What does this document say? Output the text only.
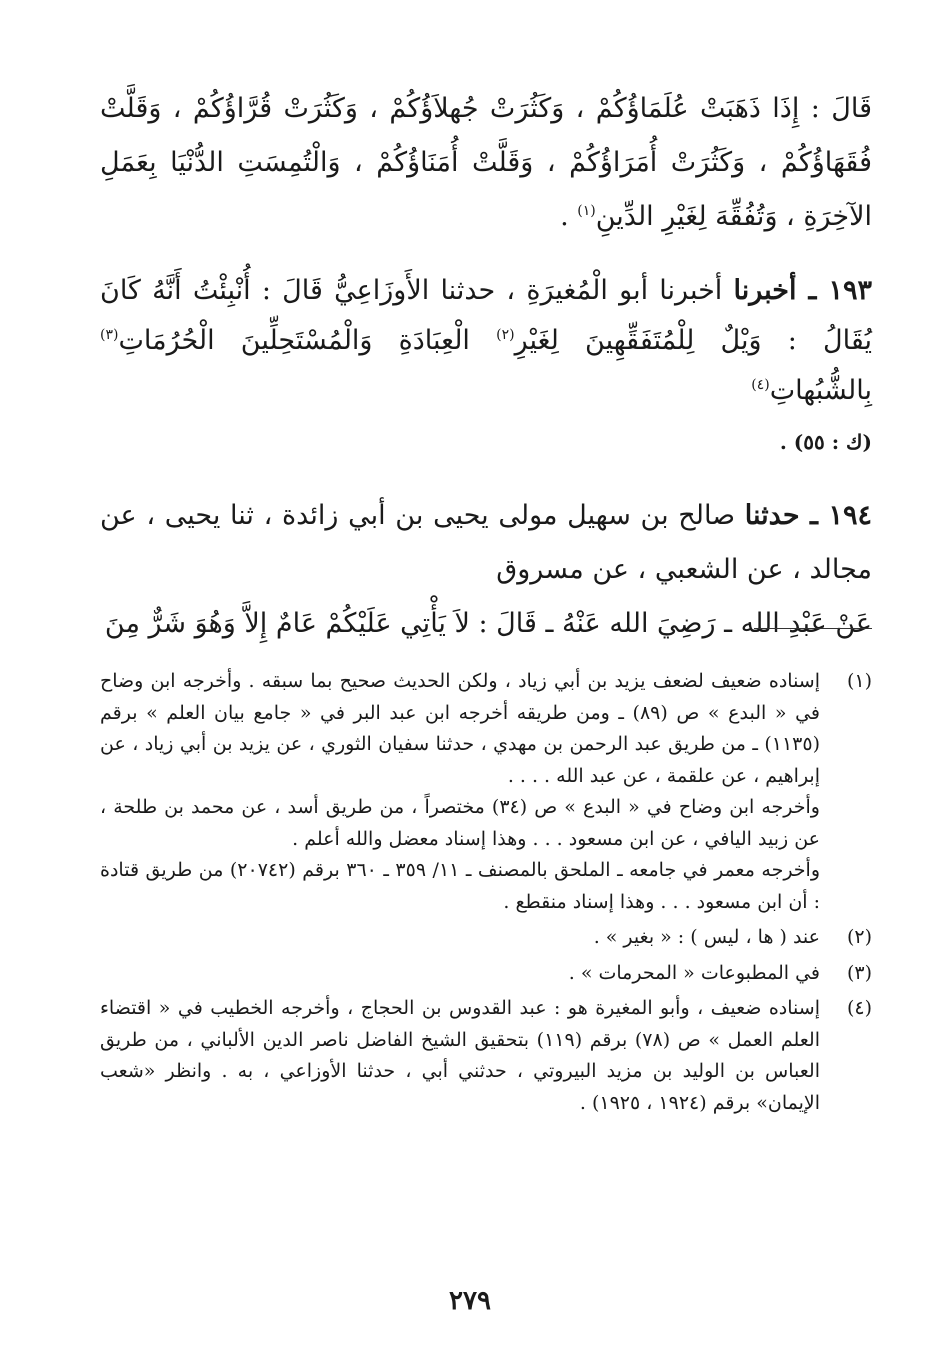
قَالَ : إِذَا ذَهَبَتْ عُلَمَاؤُكُمْ ، وَكَثُرَتْ جُهلاَؤُكُمْ ، وَكَثُرَتْ قُرَّاؤُكُمْ ، وَقَلَّتْ فُقَهَاؤُكُمْ ، وَكَثُرَتْ أُمَرَاؤُكُمْ ، وَقَلَّتْ أُمَنَاؤُكُمْ ، وَالْتُمِسَتِ الدُّنْيَا بِعَمَلِ الآخِرَةِ ، وَتُفُقِّهَ لِغَيْرِ الدِّينِ$^{(١)}$ .

١٩٣ ـ أخبرنا أخبرنا أبو الْمُغيرَةِ ، حدثنا الأَوزَاعِيُّ قَالَ : أُنْبِئْتُ أَنَّهُ كَانَ يُقَالُ : وَيْلٌ لِلْمُتَفَقِّهِينَ لِغَيْرِ$^{(٢)}$ الْعِبَادَةِ وَالْمُسْتَحِلِّينَ الْحُرُمَاتِ$^{(٣)}$ بِالشُّبُهاتِ$^{(٤)}$
(ك : ٥٥) .

١٩٤ ـ حدثنا صالح بن سهيل مولى يحيى بن أبي زائدة ، ثنا يحيى ، عن مجالد ، عن الشعبي ، عن مسروق

عَنْ عَبْدِ الله ـ رَضِيَ الله عَنْهُ ـ قَالَ : لاَ يَأْتِي عَلَيْكُمْ عَامٌ إِلاَّ وَهُوَ شَرٌّ مِنَ

(١)

إسناده ضعيف لضعف يزيد بن أبي زياد ، ولكن الحديث صحيح بما سبقه . وأخرجه ابن وضاح في « البدع » ص (٨٩) ـ ومن طريقه أخرجه ابن عبد البر في « جامع بيان العلم » برقم (١١٣٥) ـ من طريق عبد الرحمن بن مهدي ، حدثنا سفيان الثوري ، عن يزيد بن أبي زياد ، عن إبراهيم ، عن علقمة ، عن عبد الله . . . .

وأخرجه ابن وضاح في « البدع » ص (٣٤) مختصراً ، من طريق أسد ، عن محمد بن طلحة ، عن زبيد اليافي ، عن ابن مسعود . . . وهذا إسناد معضل والله أعلم .

وأخرجه معمر في جامعه ـ الملحق بالمصنف ـ ١١/ ٣٥٩ ـ ٣٦٠ برقم (٢٠٧٤٢) من طريق قتادة : أن ابن مسعود . . . وهذا إسناد منقطع .

(٢)

عند ( ها ، ليس ) : « بغير » .

(٣)

في المطبوعات « المحرمات » .

(٤)

إسناده ضعيف ، وأبو المغيرة هو : عبد القدوس بن الحجاج ، وأخرجه الخطيب في « اقتضاء العلم العمل » ص (٧٨) برقم (١١٩) بتحقيق الشيخ الفاضل ناصر الدين الألباني ، من طريق العباس بن الوليد بن مزيد البيروتي ، حدثني أبي ، حدثنا الأوزاعي ، به . وانظر «شعب الإيمان» برقم (١٩٢٤ ، ١٩٢٥) .

٢٧٩
